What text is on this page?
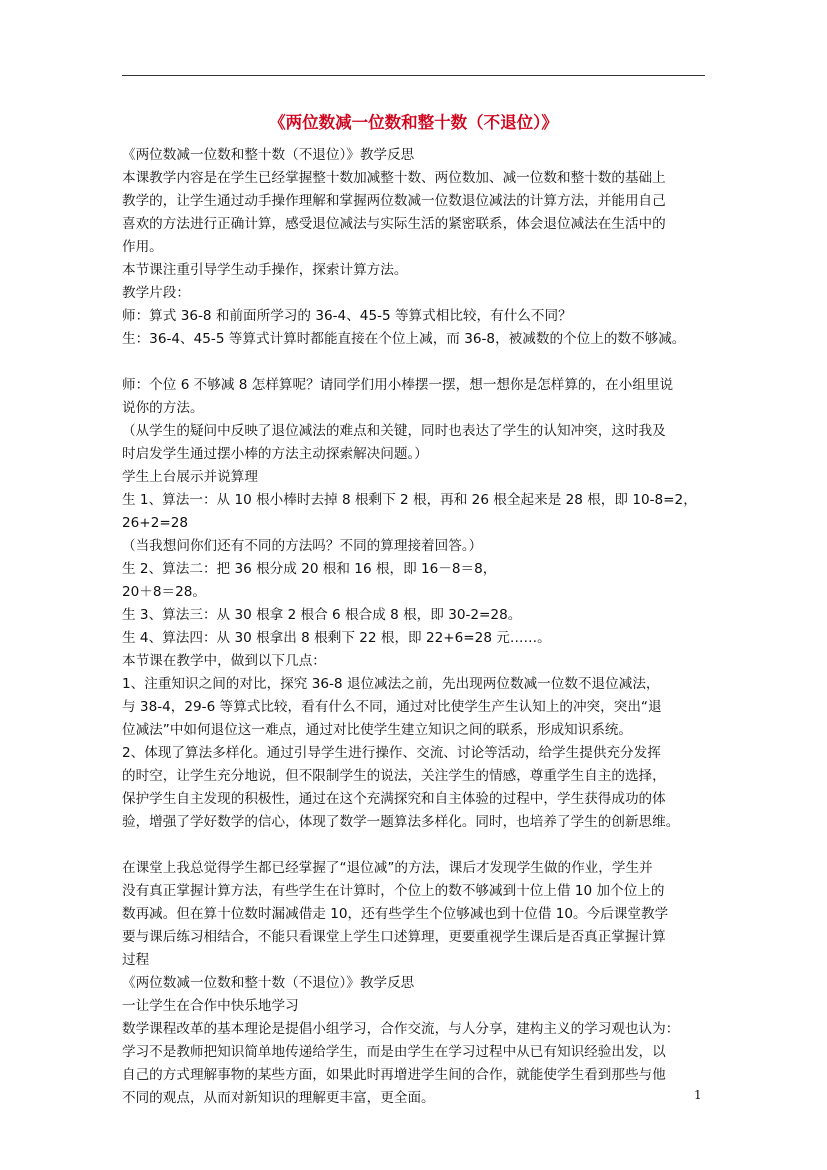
《两位数减一位数和整十数（不退位）》

《两位数减一位数和整十数（不退位）》教学反思

本课教学内容是在学生已经掌握整十数加减整十数、两位数加、减一位数和整十数的基础上

教学的，让学生通过动手操作理解和掌握两位数减一位数退位减法的计算方法，并能用自己

喜欢的方法进行正确计算，感受退位减法与实际生活的紧密联系，体会退位减法在生活中的

作用。

本节课注重引导学生动手操作，探索计算方法。

教学片段：

师：算式 36-8 和前面所学习的 36-4、45-5 等算式相比较，有什么不同？

生：36-4、45-5 等算式计算时都能直接在个位上减，而 36-8，被减数的个位上的数不够减。

师：个位 6 不够减 8 怎样算呢？请同学们用小棒摆一摆，想一想你是怎样算的，在小组里说

说你的方法。

（从学生的疑问中反映了退位减法的难点和关键，同时也表达了学生的认知冲突，这时我及

时启发学生通过摆小棒的方法主动探索解决问题。）

学生上台展示并说算理

生 1、算法一：从 10 根小棒时去掉 8 根剩下 2 根，再和 26 根全起来是 28 根，即 10-8=2，

26+2=28

（当我想问你们还有不同的方法吗？不同的算理接着回答。）

生 2、算法二：把 36 根分成 20 根和 16 根，即 16－8＝8，

20＋8＝28。

生 3、算法三：从 30 根拿 2 根合 6 根合成 8 根，即 30-2=28。

生 4、算法四：从 30 根拿出 8 根剩下 22 根，即 22+6=28 元……。

本节课在教学中，做到以下几点：

1、注重知识之间的对比，探究 36-8 退位减法之前，先出现两位数减一位数不退位减法，

与 38-4，29-6 等算式比较，看有什么不同，通过对比使学生产生认知上的冲突，突出“退

位减法”中如何退位这一难点，通过对比使学生建立知识之间的联系，形成知识系统。

2、体现了算法多样化。通过引导学生进行操作、交流、讨论等活动，给学生提供充分发挥

的时空，让学生充分地说，但不限制学生的说法，关注学生的情感，尊重学生自主的选择，

保护学生自主发现的积极性，通过在这个充满探究和自主体验的过程中，学生获得成功的体

验，增强了学好数学的信心，体现了数学一题算法多样化。同时，也培养了学生的创新思维。

在课堂上我总觉得学生都已经掌握了“退位减”的方法，课后才发现学生做的作业，学生并

没有真正掌握计算方法，有些学生在计算时，个位上的数不够减到十位上借 10 加个位上的

数再减。但在算十位数时漏减借走 10，还有些学生个位够减也到十位借 10。今后课堂教学

要与课后练习相结合，不能只看课堂上学生口述算理，更要重视学生课后是否真正掌握计算

过程

《两位数减一位数和整十数（不退位）》教学反思

一让学生在合作中快乐地学习

数学课程改革的基本理论是提倡小组学习，合作交流，与人分享，建构主义的学习观也认为：

学习不是教师把知识简单地传递给学生，而是由学生在学习过程中从已有知识经验出发，以

自己的方式理解事物的某些方面，如果此时再增进学生间的合作，就能使学生看到那些与他

不同的观点，从而对新知识的理解更丰富，更全面。	1
